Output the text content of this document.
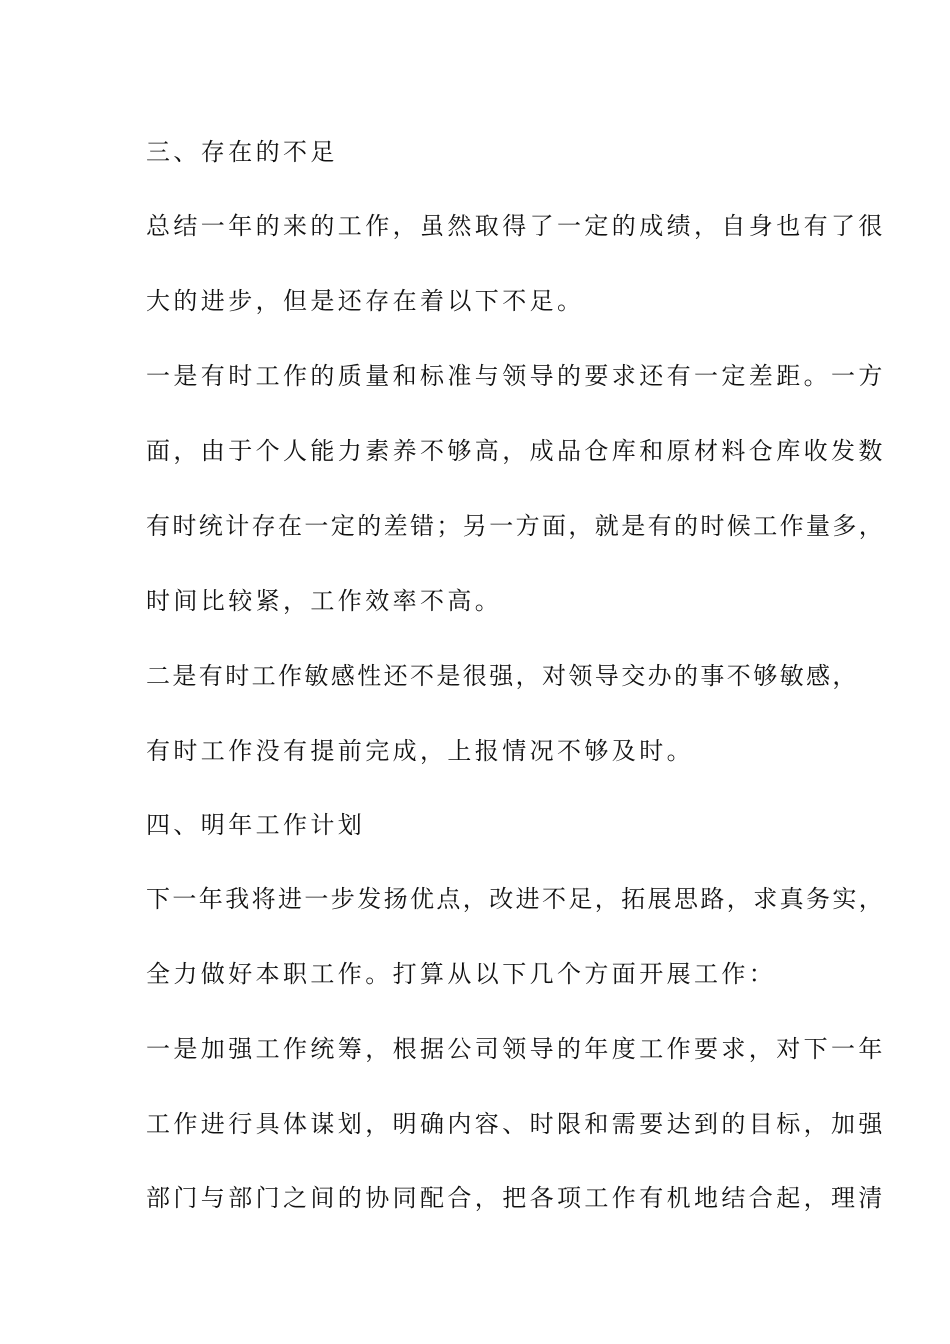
三、存在的不足
总结一年的来的工作，虽然取得了一定的成绩，自身也有了很
大的进步，但是还存在着以下不足。
一是有时工作的质量和标准与领导的要求还有一定差距。一方
面，由于个人能力素养不够高，成品仓库和原材料仓库收发数
有时统计存在一定的差错；另一方面，就是有的时候工作量多，
时间比较紧，工作效率不高。
二是有时工作敏感性还不是很强，对领导交办的事不够敏感，
有时工作没有提前完成，上报情况不够及时。
四、明年工作计划
下一年我将进一步发扬优点，改进不足，拓展思路，求真务实，
全力做好本职工作。打算从以下几个方面开展工作：
一是加强工作统筹，根据公司领导的年度工作要求，对下一年
工作进行具体谋划，明确内容、时限和需要达到的目标，加强
部门与部门之间的协同配合，把各项工作有机地结合起，理清
